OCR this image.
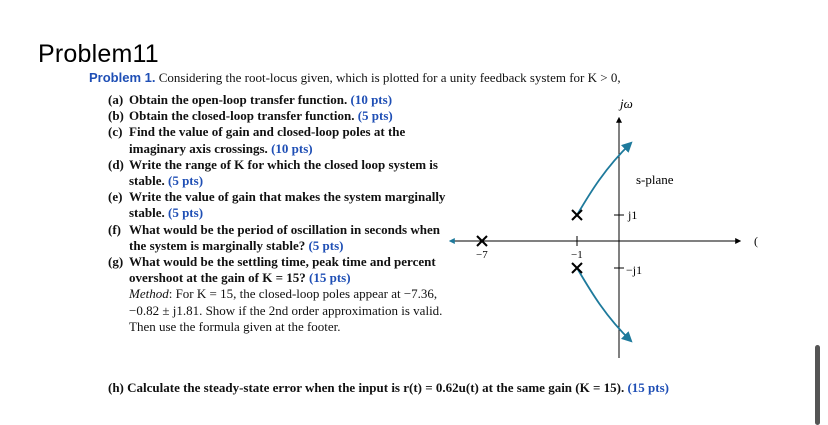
Problem11
Problem 1. Considering the root-locus given, which is plotted for a unity feedback system for K > 0,
(a) Obtain the open-loop transfer function. (10 pts)
(b) Obtain the closed-loop transfer function. (5 pts)
(c) Find the value of gain and closed-loop poles at the imaginary axis crossings. (10 pts)
(d) Write the range of K for which the closed loop system is stable. (5 pts)
(e) Write the value of gain that makes the system marginally stable. (5 pts)
(f) What would be the period of oscillation in seconds when the system is marginally stable? (5 pts)
(g) What would be the settling time, peak time and percent overshoot at the gain of K = 15? (15 pts)
Method: For K = 15, the closed-loop poles appear at −7.36, −0.82 ± j1.81. Show if the 2nd order approximation is valid. Then use the formula given at the footer.
(h) Calculate the steady-state error when the input is r(t) = 0.62u(t) at the same gain (K = 15). (15 pts)
jω
s-plane
j1
−j1
−7	−1
(
